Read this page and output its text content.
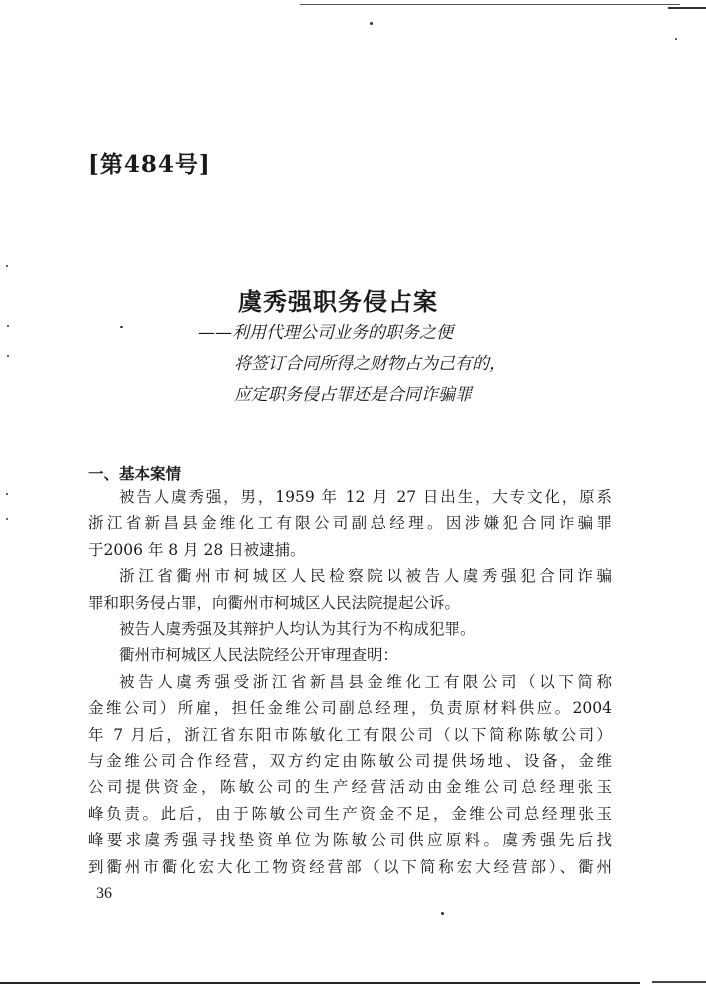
[第484号]
虞秀强职务侵占案
——利用代理公司业务的职务之便
将签订合同所得之财物占为己有的，
应定职务侵占罪还是合同诈骗罪
一、基本案情
被告人虞秀强，男，1959 年 12 月 27 日出生，大专文化，原系
浙江省新昌县金维化工有限公司副总经理。因涉嫌犯合同诈骗罪
于2006 年 8 月 28 日被逮捕。
浙江省衢州市柯城区人民检察院以被告人虞秀强犯合同诈骗
罪和职务侵占罪，向衢州市柯城区人民法院提起公诉。
被告人虞秀强及其辩护人均认为其行为不构成犯罪。
衢州市柯城区人民法院经公开审理查明：
被告人虞秀强受浙江省新昌县金维化工有限公司（以下简称
金维公司）所雇，担任金维公司副总经理，负责原材料供应。2004
年 7 月后，浙江省东阳市陈敏化工有限公司（以下简称陈敏公司）
与金维公司合作经营，双方约定由陈敏公司提供场地、设备，金维
公司提供资金，陈敏公司的生产经营活动由金维公司总经理张玉
峰负责。此后，由于陈敏公司生产资金不足，金维公司总经理张玉
峰要求虞秀强寻找垫资单位为陈敏公司供应原料。虞秀强先后找
到衢州市衢化宏大化工物资经营部（以下简称宏大经营部）、衢州
36
